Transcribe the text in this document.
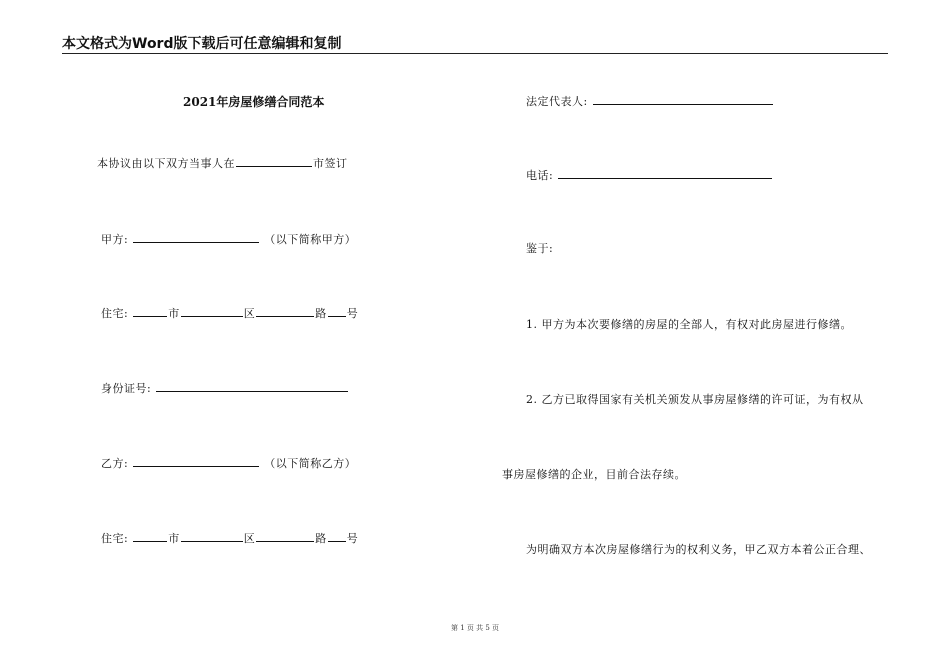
本文格式为Word版下载后可任意编辑和复制
2021年房屋修缮合同范本
本协议由以下双方当事人在	市签订
甲方:	（以下简称甲方）
住宅:	市	区	路 号
身份证号:
乙方:	（以下简称乙方）
住宅:	市	区	路 号
法定代表人:
电话:
鉴于:
1. 甲方为本次要修缮的房屋的全部人，有权对此房屋进行修缮。
2. 乙方已取得国家有关机关颁发从事房屋修缮的许可证，为有权从
事房屋修缮的企业，目前合法存续。
为明确双方本次房屋修缮行为的权利义务，甲乙双方本着公正合理、
第 1 页 共 5 页
